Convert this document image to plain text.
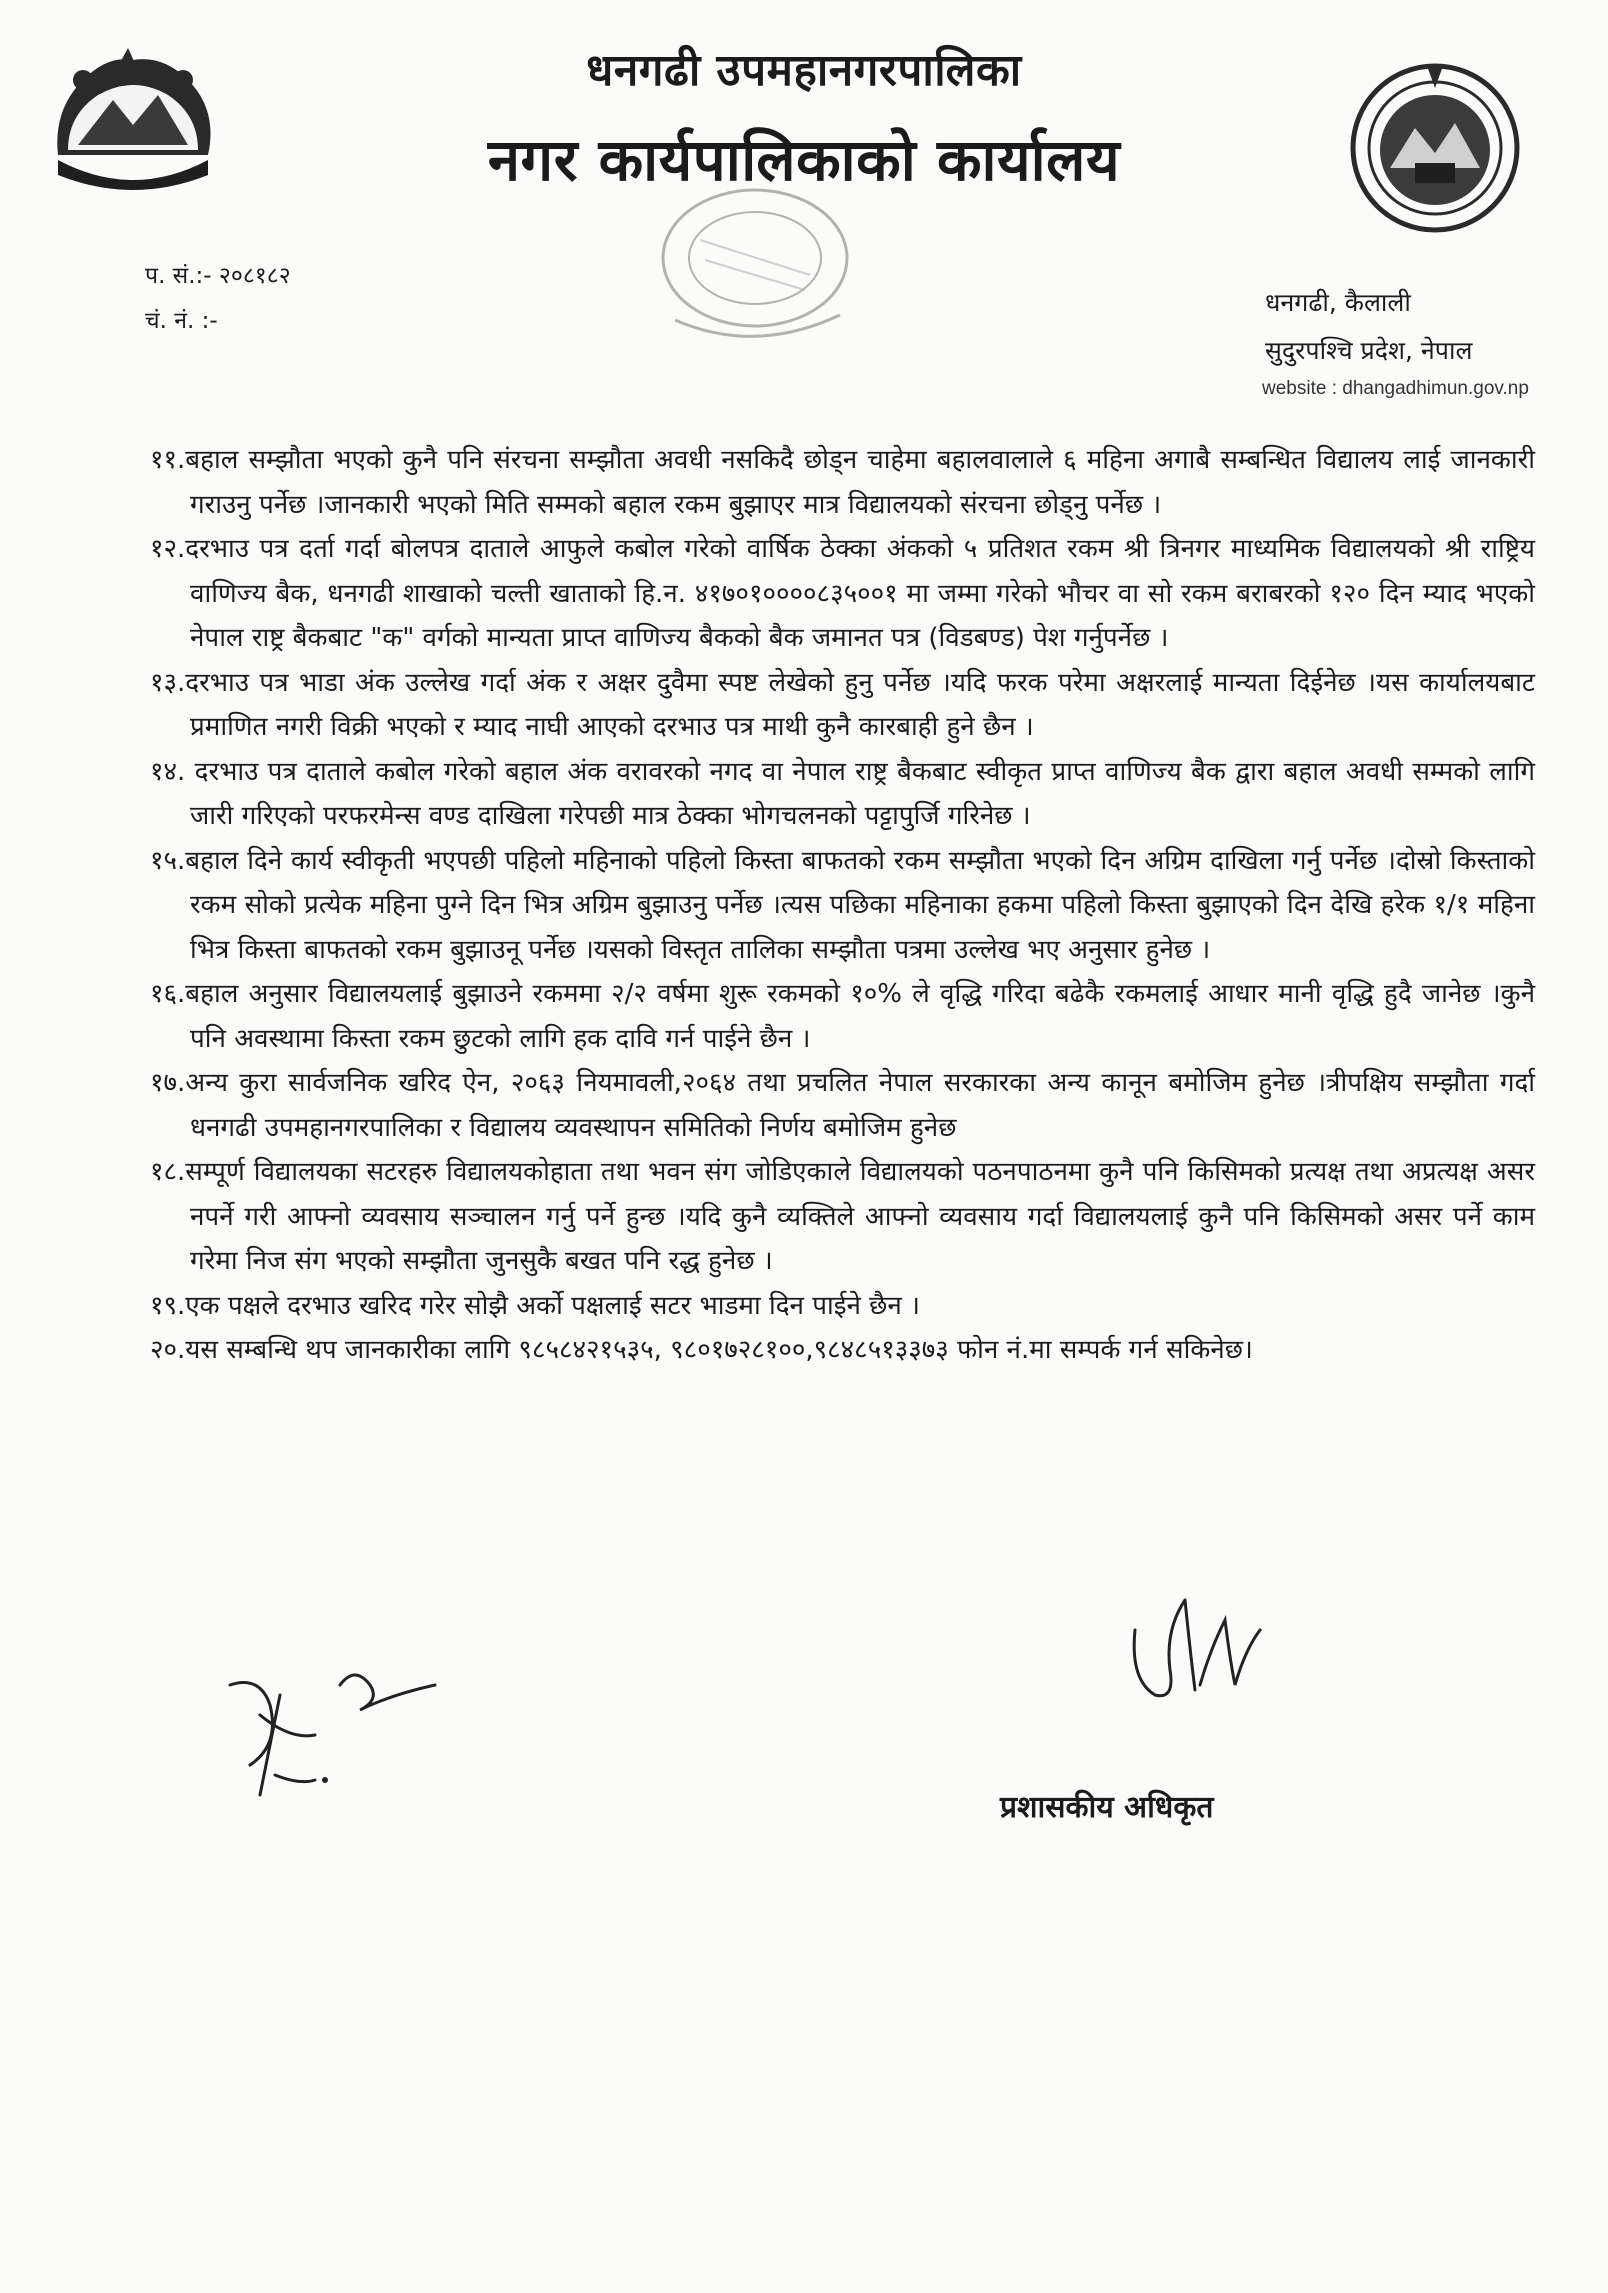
धनगढी उपमहानगरपालिका
नगर कार्यपालिकाको कार्यालय
प. सं.:- २०८१८२
चं. नं. :-
धनगढी, कैलाली
सुदुरपश्चि प्रदेश, नेपाल
website : dhangadhimun.gov.np

११.बहाल सम्झौता भएको कुनै पनि संरचना सम्झौता अवधी नसकिदै छोड्न चाहेमा बहालवालाले ६ महिना अगाबै सम्बन्धित विद्यालय लाई जानकारी गराउनु पर्नेछ ।जानकारी भएको मिति सम्मको बहाल रकम बुझाएर मात्र विद्यालयको संरचना छोड्नु पर्नेछ ।

१२.दरभाउ पत्र दर्ता गर्दा बोलपत्र दाताले आफुले कबोल गरेको वार्षिक ठेक्का अंकको ५ प्रतिशत रकम श्री त्रिनगर माध्यमिक विद्यालयको श्री राष्ट्रिय वाणिज्य बैक, धनगढी शाखाको चल्ती खाताको हि.न. ४१७०१००००८३५००१ मा जम्मा गरेको भौचर वा सो रकम बराबरको १२० दिन म्याद भएको नेपाल राष्ट्र बैकबाट "क" वर्गको मान्यता प्राप्त वाणिज्य बैकको बैक जमानत पत्र (विडबण्ड) पेश गर्नुपर्नेछ ।

१३.दरभाउ पत्र भाडा अंक उल्लेख गर्दा अंक र अक्षर दुवैमा स्पष्ट लेखेको हुनु पर्नेछ ।यदि फरक परेमा अक्षरलाई मान्यता दिईनेछ ।यस कार्यालयबाट प्रमाणित नगरी विक्री भएको र म्याद नाघी आएको दरभाउ पत्र माथी कुनै कारबाही हुने छैन ।

१४. दरभाउ पत्र दाताले कबोल गरेको बहाल अंक वरावरको नगद वा नेपाल राष्ट्र बैकबाट स्वीकृत प्राप्त वाणिज्य बैक द्वारा बहाल अवधी सम्मको लागि जारी गरिएको परफरमेन्स वण्ड दाखिला गरेपछी मात्र ठेक्का भोगचलनको पट्टापुर्जि गरिनेछ ।

१५.बहाल दिने कार्य स्वीकृती भएपछी पहिलो महिनाको पहिलो किस्ता बाफतको रकम सम्झौता भएको दिन अग्रिम दाखिला गर्नु पर्नेछ ।दोस्रो किस्ताको रकम सोको प्रत्येक महिना पुग्ने दिन भित्र अग्रिम बुझाउनु पर्नेछ ।त्यस पछिका महिनाका हकमा पहिलो किस्ता बुझाएको दिन देखि हरेक १/१ महिना भित्र किस्ता बाफतको रकम बुझाउनू पर्नेछ ।यसको विस्तृत तालिका सम्झौता पत्रमा उल्लेख भए अनुसार हुनेछ ।

१६.बहाल अनुसार विद्यालयलाई बुझाउने रकममा २/२ वर्षमा शुरू रकमको १०% ले वृद्धि गरिदा बढेकै रकमलाई आधार मानी वृद्धि हुदै जानेछ ।कुनै पनि अवस्थामा किस्ता रकम छुटको लागि हक दावि गर्न पाईने छैन ।

१७.अन्य कुरा सार्वजनिक खरिद ऐन, २०६३ नियमावली,२०६४ तथा प्रचलित नेपाल सरकारका अन्य कानून बमोजिम हुनेछ ।त्रीपक्षिय सम्झौता गर्दा धनगढी उपमहानगरपालिका र विद्यालय व्यवस्थापन समितिको निर्णय बमोजिम हुनेछ

१८.सम्पूर्ण विद्यालयका सटरहरु विद्यालयकोहाता तथा भवन संग जोडिएकाले विद्यालयको पठनपाठनमा कुनै पनि किसिमको प्रत्यक्ष तथा अप्रत्यक्ष असर नपर्ने गरी आफ्नो व्यवसाय सञ्चालन गर्नु पर्ने हुन्छ ।यदि कुनै व्यक्तिले आफ्नो व्यवसाय गर्दा विद्यालयलाई कुनै पनि किसिमको असर पर्ने काम गरेमा निज संग भएको सम्झौता जुनसुकै बखत पनि रद्ध हुनेछ ।

१९.एक पक्षले दरभाउ खरिद गरेर सोझै अर्को पक्षलाई सटर भाडमा दिन पाईने छैन ।

२०.यस सम्बन्धि थप जानकारीका लागि ९८५८४२१५३५, ९८०१७२८१००,९८४८५१३३७३ फोन नं.मा सम्पर्क गर्न सकिनेछ।

प्रशासकीय अधिकृत
